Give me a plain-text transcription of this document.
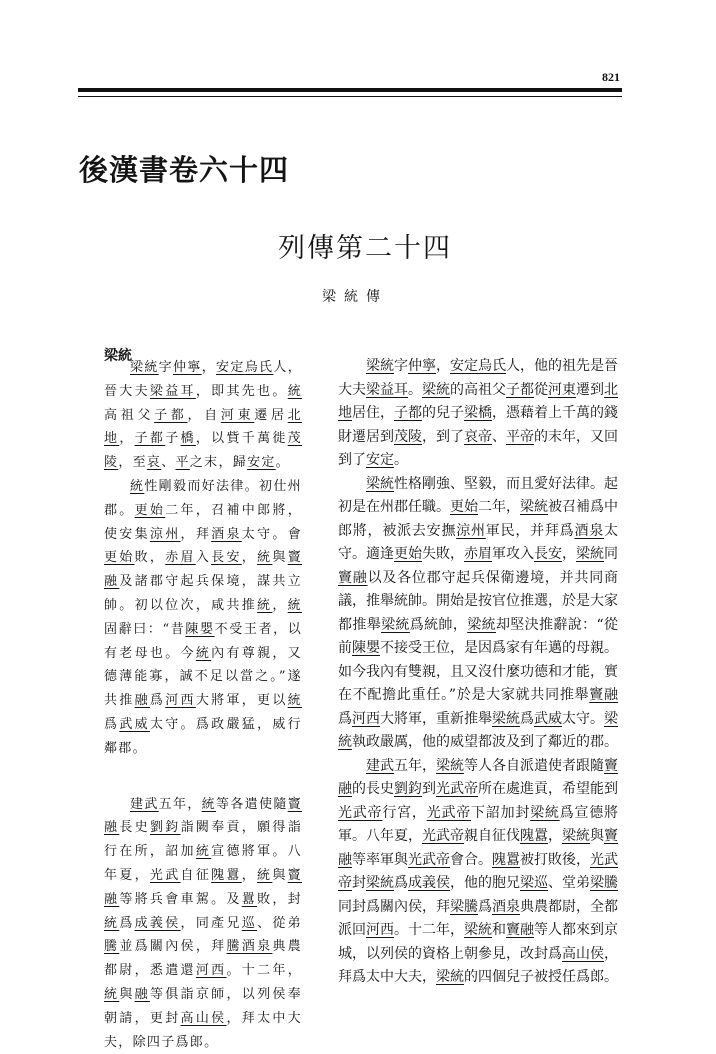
821
後漢書卷六十四
列傳第二十四
梁統傳
梁統

梁統字仲寧，安定烏氏人，晉大夫梁益耳，即其先也。統高祖父子都，自河東遷居北地，子都子橋，以貲千萬徙茂陵，至哀、平之末，歸安定。

統性剛毅而好法律。初仕州郡。更始二年，召補中郎將，使安集涼州，拜酒泉太守。會更始敗，赤眉入長安，統與竇融及諸郡守起兵保境，謀共立帥。初以位次，咸共推統，統固辭曰：“昔陳嬰不受王者，以有老母也。今統內有尊親，又德薄能寡，誠不足以當之。”遂共推融爲河西大將軍，更以統爲武威太守。爲政嚴猛，威行鄰郡。

建武五年，統等各遣使隨竇融長史劉鈞詣闕奉貢，願得詣行在所，詔加統宣德將軍。八年夏，光武自征隗囂，統與竇融等將兵會車駕。及囂敗，封統爲成義侯，同產兄巡、從弟騰並爲關內侯，拜騰酒泉典農都尉，悉遣還河西。十二年，統與融等俱詣京師，以列侯奉朝請，更封高山侯，拜太中大夫，除四子爲郎。

梁統字仲寧，安定烏氏人，他的祖先是晉大夫梁益耳。梁統的高祖父子都從河東遷到北地居住，子都的兒子梁橋，憑藉着上千萬的錢財遷居到茂陵，到了哀帝、平帝的末年，又回到了安定。

梁統性格剛強、堅毅，而且愛好法律。起初是在州郡任職。更始二年，梁統被召補爲中郎將，被派去安撫涼州軍民，并拜爲酒泉太守。適逢更始失敗，赤眉軍攻入長安，梁統同竇融以及各位郡守起兵保衛邊境，并共同商議，推舉統帥。開始是按官位推選，於是大家都推舉梁統爲統帥，梁統却堅決推辭說：“從前陳嬰不接受王位，是因爲家有年邁的母親。如今我內有雙親，且又沒什麼功德和才能，實在不配擔此重任。”於是大家就共同推舉竇融爲河西大將軍，重新推舉梁統爲武威太守。梁統執政嚴厲，他的威望都波及到了鄰近的郡。

建武五年，梁統等人各自派遣使者跟隨竇融的長史劉鈞到光武帝所在處進貢，希望能到光武帝行宮，光武帝下詔加封梁統爲宣德將軍。八年夏，光武帝親自征伐隗囂，梁統與竇融等率軍與光武帝會合。隗囂被打敗後，光武帝封梁統爲成義侯，他的胞兄梁巡、堂弟梁騰同封爲關內侯，拜梁騰爲酒泉典農都尉，全都派回河西。十二年，梁統和竇融等人都來到京城，以列侯的資格上朝參見，改封爲高山侯，拜爲太中大夫，梁統的四個兒子被授任爲郎。
